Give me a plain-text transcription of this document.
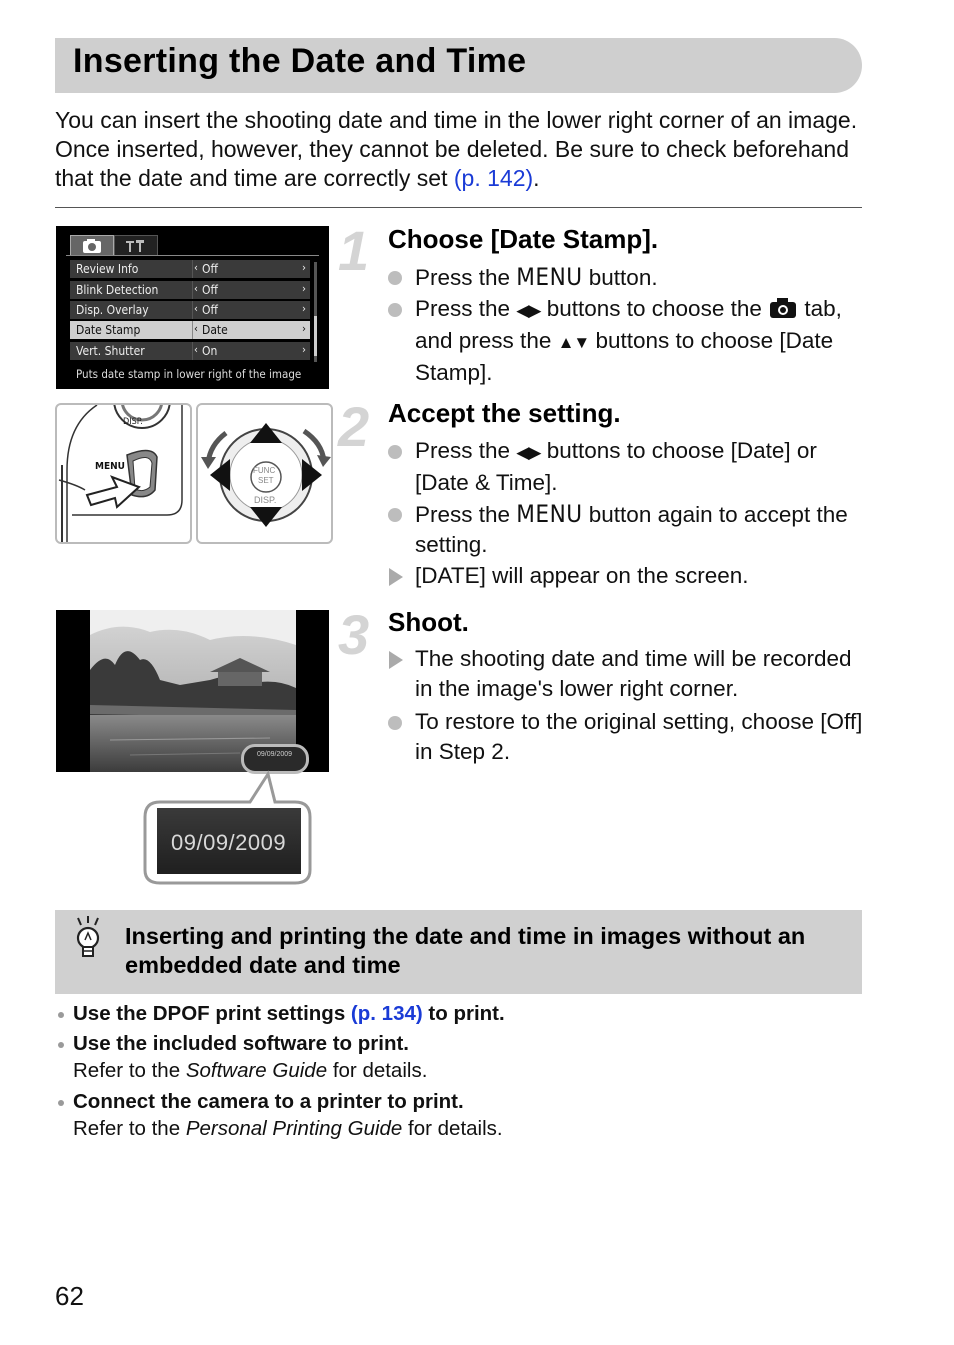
Inserting the Date and Time
You can insert the shooting date and time in the lower right corner of an image. Once inserted, however, they cannot be deleted. Be sure to check beforehand that the date and time are correctly set (p. 142).
Review Info	‹ Off	›
Blink Detection	‹ Off	›
Disp. Overlay	‹ Off	›
Date Stamp	‹ Date	›
Vert. Shutter	‹ On	›
Puts date stamp in lower right of the image
DISP.
MENU	FUNC
SET
DISP.
09/09/2009
09/09/2009
1 Choose [Date Stamp].
Press the MENU button.
Press the ◀▶ buttons to choose the  tab, and press the ▲▼ buttons to choose [Date Stamp].
2 Accept the setting.
Press the ◀▶ buttons to choose [Date] or [Date & Time].
Press the MENU button again to accept the setting.
[DATE] will appear on the screen.
3 Shoot.
The shooting date and time will be recorded in the image's lower right corner.
To restore to the original setting, choose [Off] in Step 2.
Inserting and printing the date and time in images without an embedded date and time
Use the DPOF print settings (p. 134) to print.
Use the included software to print.
Refer to the Software Guide for details.
Connect the camera to a printer to print.
Refer to the Personal Printing Guide for details.
62
